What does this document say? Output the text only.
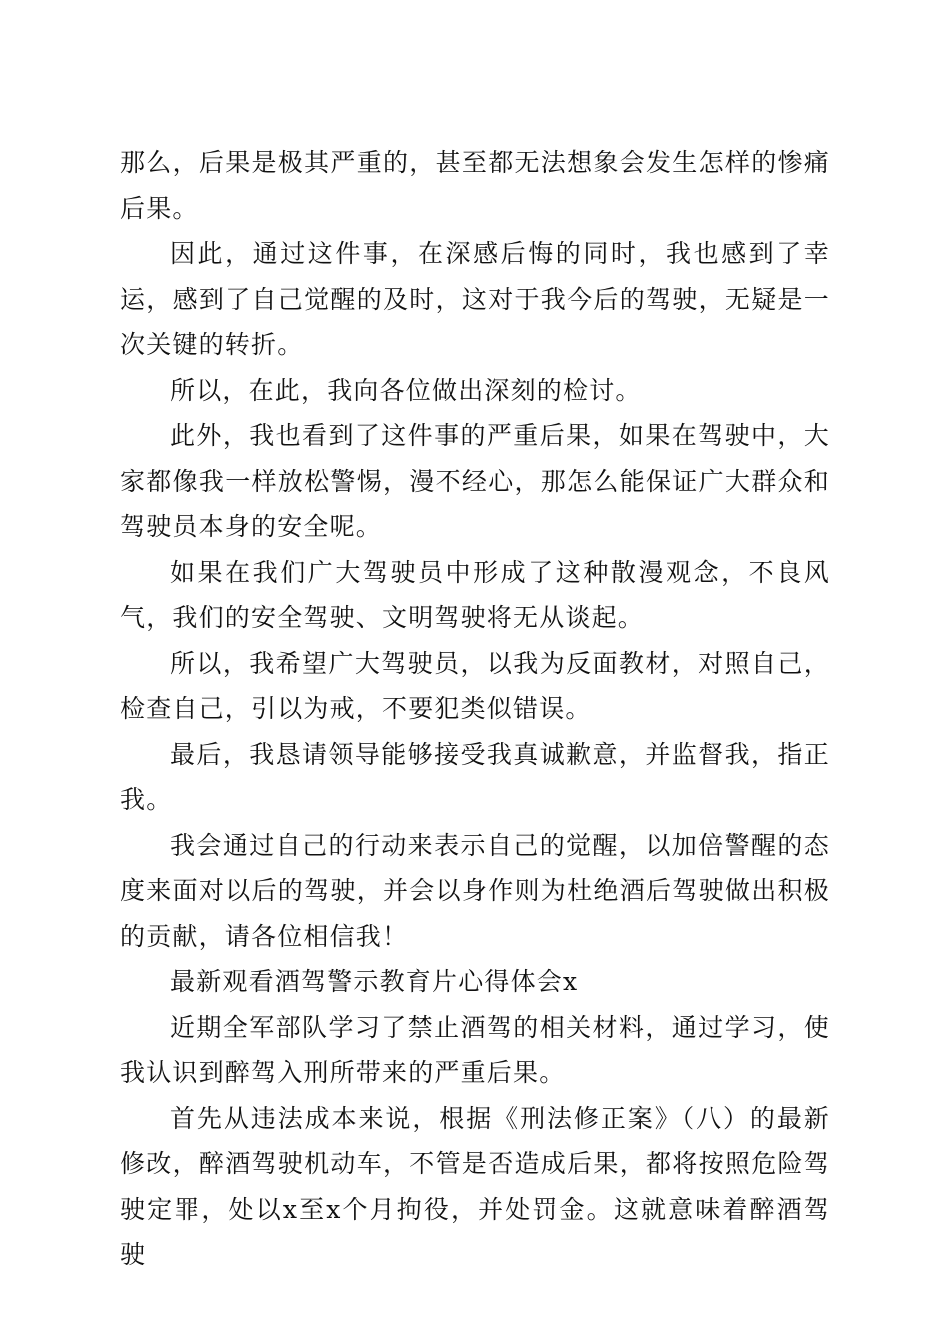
那么，后果是极其严重的，甚至都无法想象会发生怎样的惨痛后果。

因此，通过这件事，在深感后悔的同时，我也感到了幸运，感到了自己觉醒的及时，这对于我今后的驾驶，无疑是一次关键的转折。

所以，在此，我向各位做出深刻的检讨。

此外，我也看到了这件事的严重后果，如果在驾驶中，大家都像我一样放松警惕，漫不经心，那怎么能保证广大群众和驾驶员本身的安全呢。

如果在我们广大驾驶员中形成了这种散漫观念，不良风气，我们的安全驾驶、文明驾驶将无从谈起。

所以，我希望广大驾驶员，以我为反面教材，对照自己，检查自己，引以为戒，不要犯类似错误。

最后，我恳请领导能够接受我真诚歉意，并监督我，指正我。

我会通过自己的行动来表示自己的觉醒，以加倍警醒的态度来面对以后的驾驶，并会以身作则为杜绝酒后驾驶做出积极的贡献，请各位相信我！

最新观看酒驾警示教育片心得体会x

近期全军部队学习了禁止酒驾的相关材料，通过学习，使我认识到醉驾入刑所带来的严重后果。

首先从违法成本来说，根据《刑法修正案》（八）的最新修改，醉酒驾驶机动车，不管是否造成后果，都将按照危险驾驶定罪，处以x至x个月拘役，并处罚金。这就意味着醉酒驾驶
